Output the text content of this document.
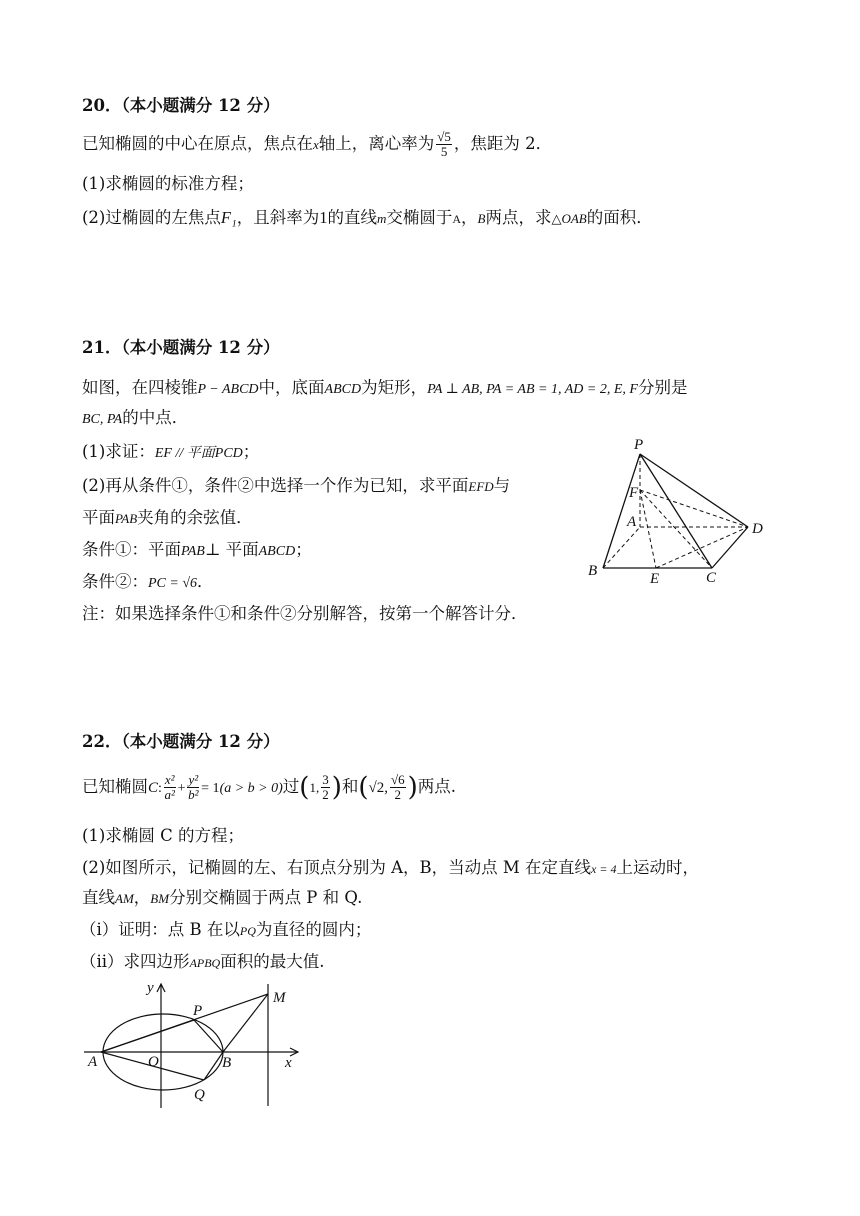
20．（本小题满分 12 分）
已知椭圆的中心在原点，焦点在x轴上，离心率为 $\frac{√5}{5}$ ，焦距为 2．
(1)求椭圆的标准方程；
(2)过椭圆的左焦点F₁，且斜率为1的直线m交椭圆于A，B两点，求△OAB的面积．
21．（本小题满分 12 分）
如图，在四棱锥P − ABCD中，底面ABCD为矩形，PA ⊥ AB, PA = AB = 1, AD = 2, E, F分别是
BC, PA的中点．
(1)求证：EF // 平面PCD；
(2)再从条件①，条件②中选择一个作为已知，求平面EFD与
平面PAB夹角的余弦值．
条件①：平面PAB⊥ 平面ABCD；
条件②：PC = √6．
注：如果选择条件①和条件②分别解答，按第一个解答计分．
P
F
A	D
B	E	C
22．（本小题满分 12 分）
已知椭圆C: $\frac{\text{x²}}{\text{a²}} + \frac{\text{y²}}{\text{b²}} = 1(a > b > 0)$过(1, $\frac{3}{2}$ )和(√2, $\frac{√6}{2}$ )两点.
(1)求椭圆 C 的方程；
(2)如图所示，记椭圆的左、右顶点分别为 A，B，当动点 M 在定直线x = 4上运动时，
直线AM，BM分别交椭圆于两点 P 和 Q.
（i）证明：点 B 在以PQ为直径的圆内；
（ii）求四边形APBQ面积的最大值.
y
x
A	O	B
P
Q
M
